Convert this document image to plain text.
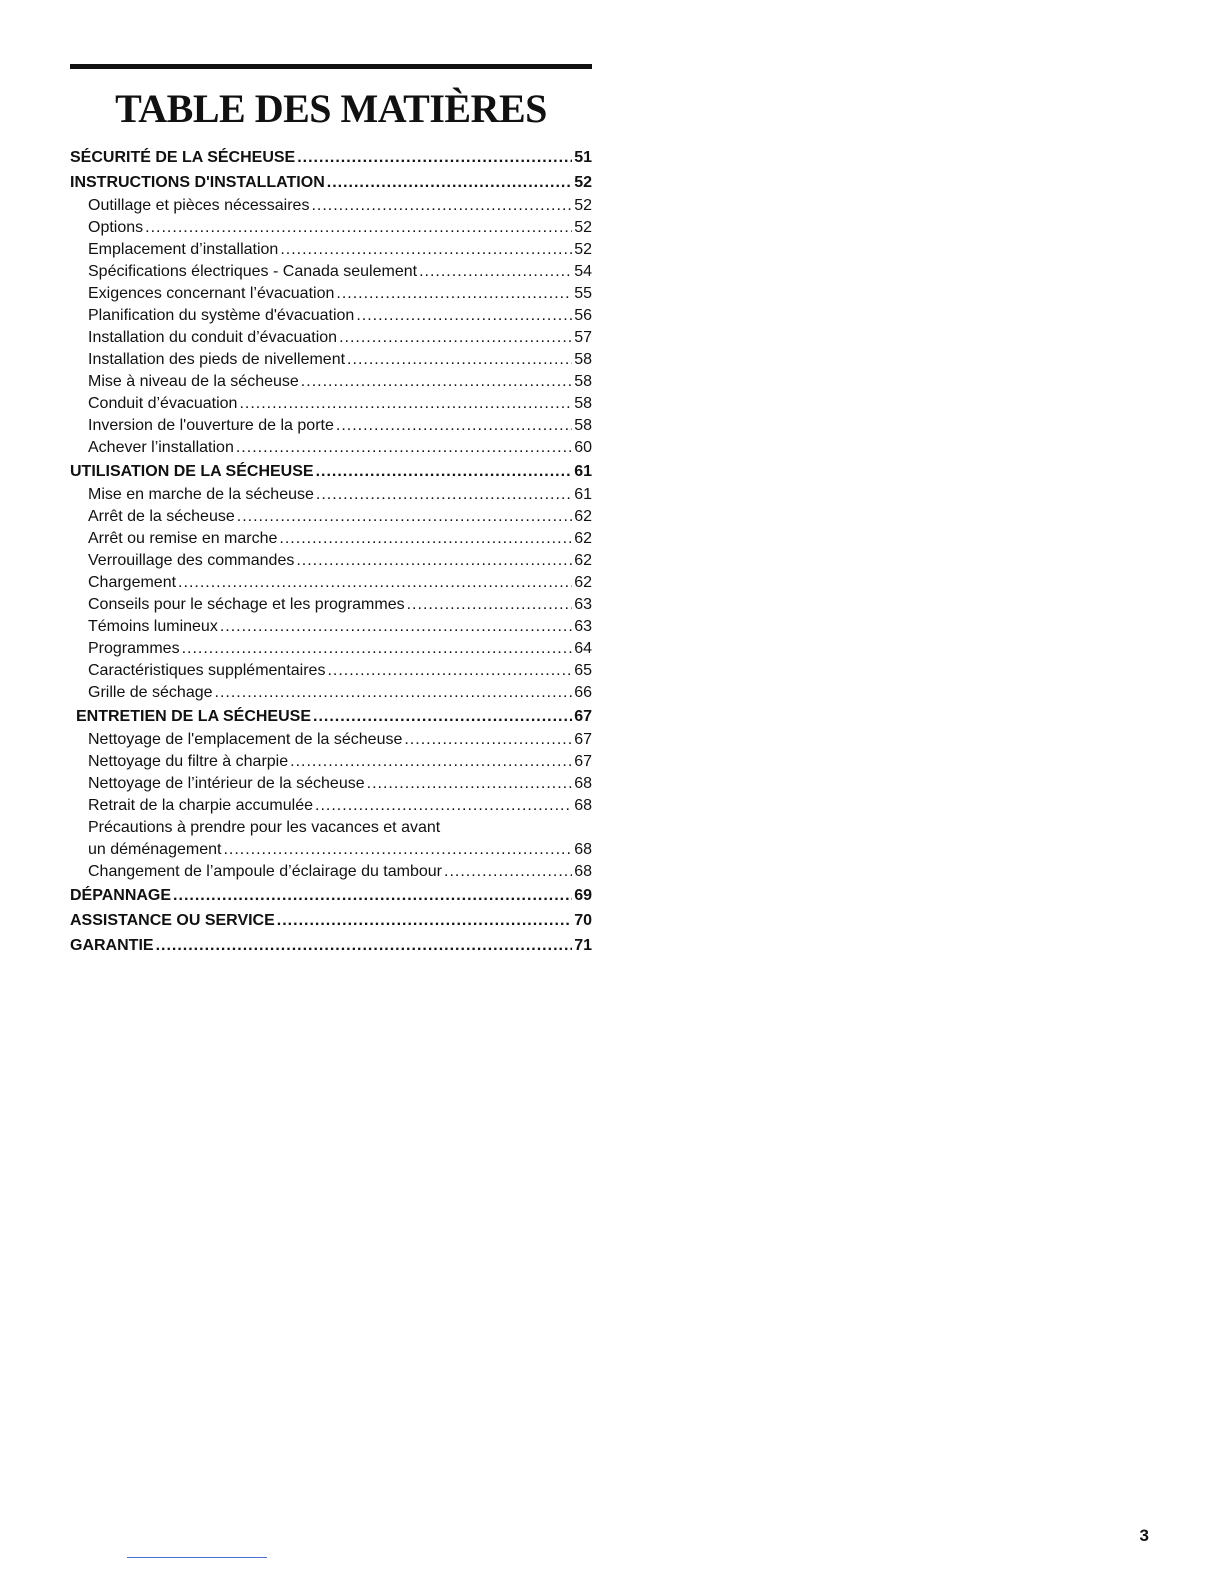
TABLE DES MATIÈRES
SÉCURITÉ DE LA SÉCHEUSE .....	51
INSTRUCTIONS D'INSTALLATION .....	52
Outillage et pièces nécessaires .....	52
Options .....	52
Emplacement d’installation .....	52
Spécifications électriques - Canada seulement .....	54
Exigences concernant l’évacuation .....	55
Planification du système d'évacuation .....	56
Installation du conduit d’évacuation .....	57
Installation des pieds de nivellement .....	58
Mise à niveau de la sécheuse .....	58
Conduit d’évacuation .....	58
Inversion de l'ouverture de la porte .....	58
Achever l’installation .....	60
UTILISATION DE LA SÉCHEUSE .....	61
Mise en marche de la sécheuse .....	61
Arrêt de la sécheuse .....	62
Arrêt ou remise en marche .....	62
Verrouillage des commandes .....	62
Chargement .....	62
Conseils pour le séchage et les programmes .....	63
Témoins lumineux .....	63
Programmes .....	64
Caractéristiques supplémentaires .....	65
Grille de séchage .....	66
ENTRETIEN DE LA SÉCHEUSE .....	67
Nettoyage de l'emplacement de la sécheuse .....	67
Nettoyage du filtre à charpie .....	67
Nettoyage de l’intérieur de la sécheuse .....	68
Retrait de la charpie accumulée .....	68
Précautions à prendre pour les vacances et avant
un déménagement .....	68
Changement de l’ampoule d’éclairage du tambour .....	68
DÉPANNAGE .....	69
ASSISTANCE OU SERVICE .....	70
GARANTIE .....	71
3
